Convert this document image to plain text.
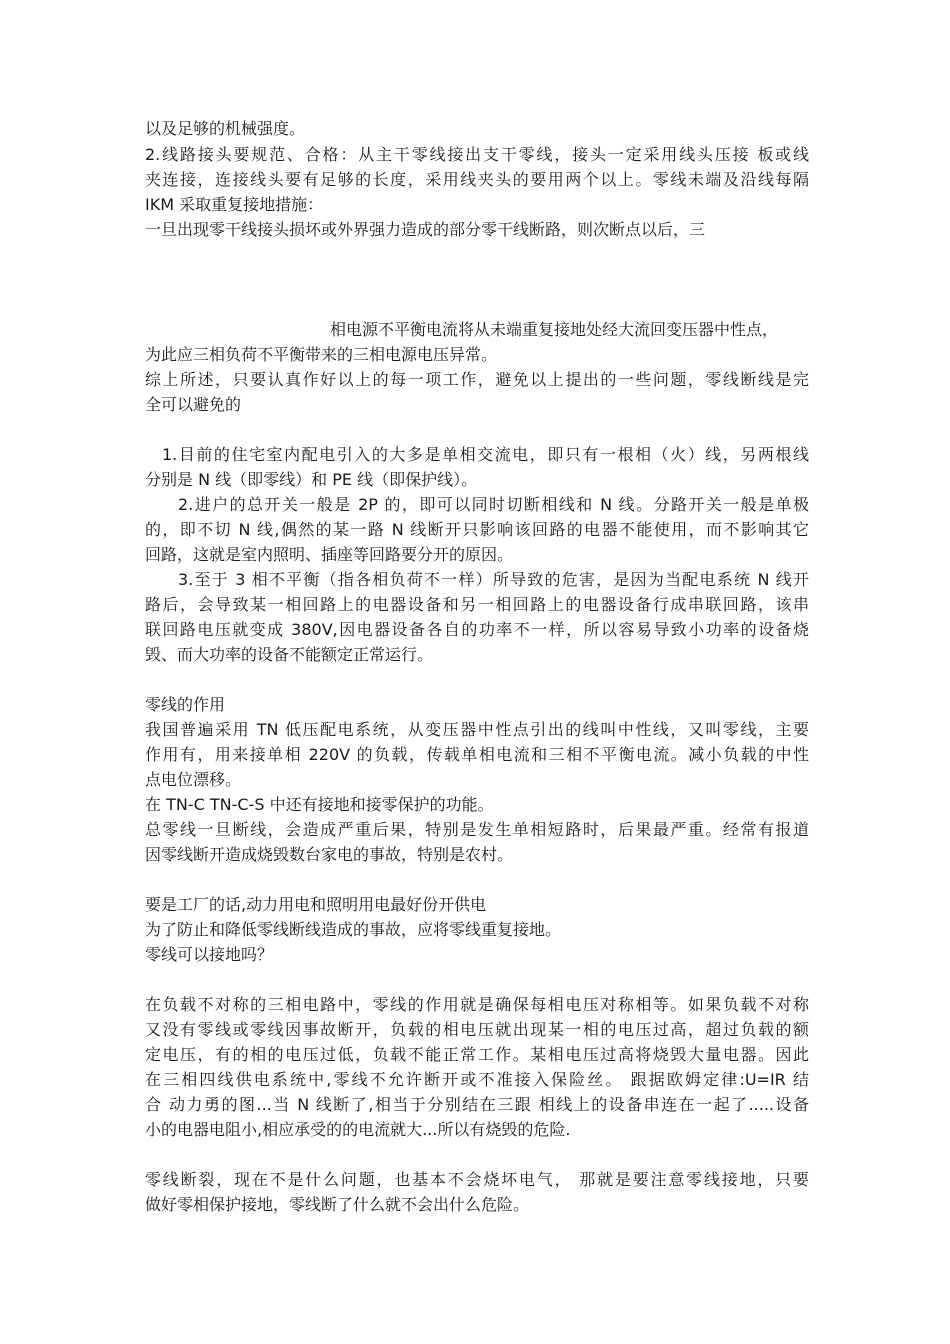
以及足够的机械强度。
2.线路接头要规范、合格：从主干零线接出支干零线，接头一定采用线头压接 板或线
夹连接，连接线头要有足够的长度，采用线夹头的要用两个以上。零线未端及沿线每隔
IKM 采取重复接地措施：
一旦出现零干线接头损坏或外界强力造成的部分零干线断路，则次断点以后，三
相电源不平衡电流将从未端重复接地处经大流回变压器中性点，
为此应三相负荷不平衡带来的三相电源电压异常。
综上所述，只要认真作好以上的每一项工作，避免以上提出的一些问题，零线断线是完
全可以避免的
1.目前的住宅室内配电引入的大多是单相交流电，即只有一根相（火）线，另两根线
分别是 N 线（即零线）和 PE 线（即保护线）。
2.进户的总开关一般是 2P 的，即可以同时切断相线和 N 线。分路开关一般是单极
的，即不切 N 线,偶然的某一路 N 线断开只影响该回路的电器不能使用，而不影响其它
回路，这就是室内照明、插座等回路要分开的原因。
3.至于 3 相不平衡（指各相负荷不一样）所导致的危害，是因为当配电系统 N 线开
路后，会导致某一相回路上的电器设备和另一相回路上的电器设备行成串联回路，该串
联回路电压就变成 380V,因电器设备各自的功率不一样，所以容易导致小功率的设备烧
毁、而大功率的设备不能额定正常运行。
零线的作用
我国普遍采用 TN 低压配电系统，从变压器中性点引出的线叫中性线，又叫零线，主要
作用有，用来接单相 220V 的负载，传载单相电流和三相不平衡电流。减小负载的中性
点电位漂移。
在 TN-C TN-C-S 中还有接地和接零保护的功能。
总零线一旦断线，会造成严重后果，特别是发生单相短路时，后果最严重。经常有报道
因零线断开造成烧毁数台家电的事故，特别是农村。
要是工厂的话,动力用电和照明用电最好份开供电
为了防止和降低零线断线造成的事故，应将零线重复接地。
零线可以接地吗？
在负载不对称的三相电路中，零线的作用就是确保每相电压对称相等。如果负载不对称
又没有零线或零线因事故断开，负载的相电压就出现某一相的电压过高，超过负载的额
定电压，有的相的电压过低，负载不能正常工作。某相电压过高将烧毁大量电器。因此
在三相四线供电系统中,零线不允许断开或不准接入保险丝。 跟据欧姆定律:U=IR 结
合 动力勇的图...当 N 线断了,相当于分别结在三跟 相线上的设备串连在一起了.....设备
小的电器电阻小,相应承受的的电流就大...所以有烧毁的危险.
零线断裂，现在不是什么问题，也基本不会烧坏电气， 那就是要注意零线接地，只要
做好零相保护接地，零线断了什么就不会出什么危险。
